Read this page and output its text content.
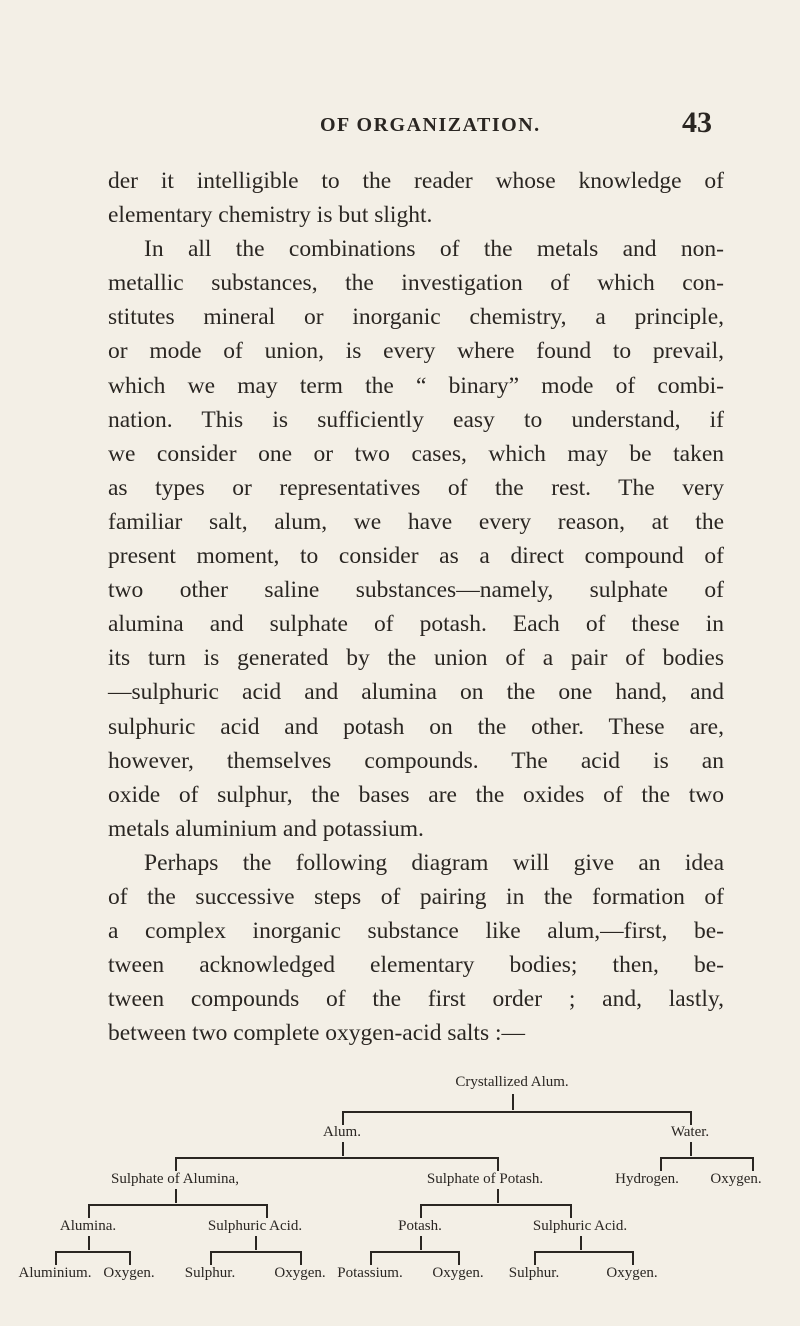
OF ORGANIZATION.	43
der it intelligible to the reader whose knowledge of
elementary chemistry is but slight.
In all the combinations of the metals and non-
metallic substances, the investigation of which con-
stitutes mineral or inorganic chemistry, a principle,
or mode of union, is every where found to prevail,
which we may term the “ binary” mode of combi-
nation. This is sufficiently easy to understand, if
we consider one or two cases, which may be taken
as types or representatives of the rest. The very
familiar salt, alum, we have every reason, at the
present moment, to consider as a direct compound of
two other saline substances—namely, sulphate of
alumina and sulphate of potash. Each of these in
its turn is generated by the union of a pair of bodies
—sulphuric acid and alumina on the one hand, and
sulphuric acid and potash on the other. These are,
however, themselves compounds. The acid is an
oxide of sulphur, the bases are the oxides of the two
metals aluminium and potassium.
Perhaps the following diagram will give an idea
of the successive steps of pairing in the formation of
a complex inorganic substance like alum,—first, be-
tween acknowledged elementary bodies; then, be-
tween compounds of the first order ; and, lastly,
between two complete oxygen-acid salts :—
Crystallized Alum.
Alum.	Water.
Sulphate of Alumina,	Sulphate of Potash.	Hydrogen. Oxygen.
Alumina.	Sulphuric Acid.	Potash.	Sulphuric Acid.
Aluminium. Oxygen. Sulphur.	Oxygen. Potassium. Oxygen. Sulphur.	Oxygen.
